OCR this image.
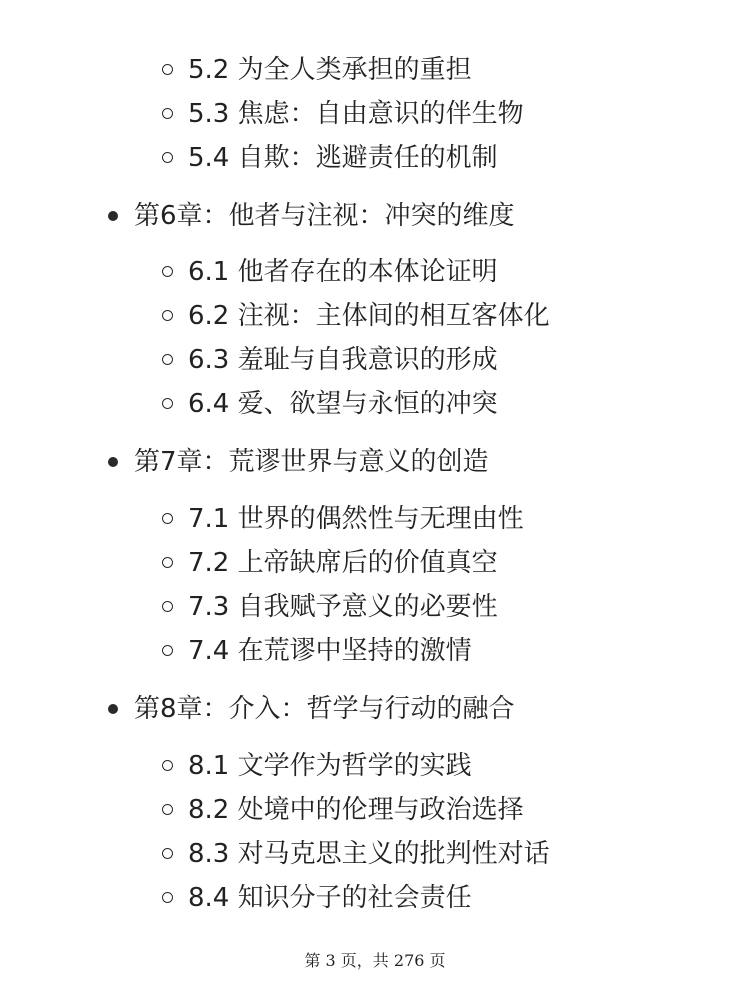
5.2 为全人类承担的重担
5.3 焦虑：自由意识的伴生物
5.4 自欺：逃避责任的机制
第6章：他者与注视：冲突的维度
6.1 他者存在的本体论证明
6.2 注视：主体间的相互客体化
6.3 羞耻与自我意识的形成
6.4 爱、欲望与永恒的冲突
第7章：荒谬世界与意义的创造
7.1 世界的偶然性与无理由性
7.2 上帝缺席后的价值真空
7.3 自我赋予意义的必要性
7.4 在荒谬中坚持的激情
第8章：介入：哲学与行动的融合
8.1 文学作为哲学的实践
8.2 处境中的伦理与政治选择
8.3 对马克思主义的批判性对话
8.4 知识分子的社会责任
第 3 页，共 276 页
